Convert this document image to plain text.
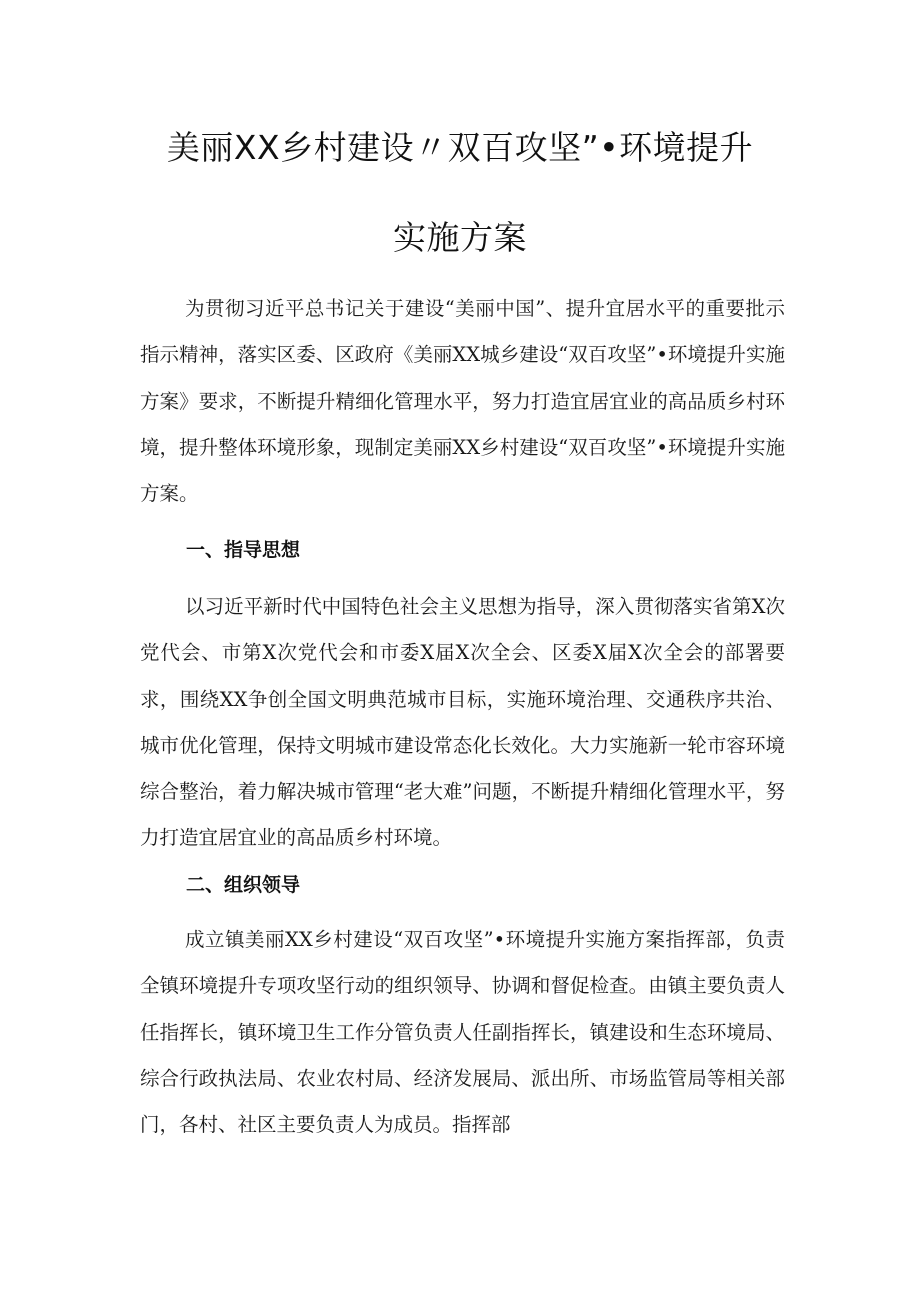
美丽XX乡村建设〃双百攻坚”•环境提升
实施方案

为贯彻习近平总书记关于建设“美丽中国”、提升宜居水平的重要批示指示精神，落实区委、区政府《美丽XX城乡建设“双百攻坚”•环境提升实施方案》要求，不断提升精细化管理水平，努力打造宜居宜业的高品质乡村环境，提升整体环境形象，现制定美丽XX乡村建设“双百攻坚”•环境提升实施方案。

一、指导思想

以习近平新时代中国特色社会主义思想为指导，深入贯彻落实省第X次党代会、市第X次党代会和市委X届X次全会、区委X届X次全会的部署要求，围绕XX争创全国文明典范城市目标，实施环境治理、交通秩序共治、城市优化管理，保持文明城市建设常态化长效化。大力实施新一轮市容环境综合整治，着力解决城市管理“老大难”问题，不断提升精细化管理水平，努力打造宜居宜业的高品质乡村环境。

二、组织领导

成立镇美丽XX乡村建设“双百攻坚”•环境提升实施方案指挥部，负责全镇环境提升专项攻坚行动的组织领导、协调和督促检查。由镇主要负责人任指挥长，镇环境卫生工作分管负责人任副指挥长，镇建设和生态环境局、综合行政执法局、农业农村局、经济发展局、派出所、市场监管局等相关部门，各村、社区主要负责人为成员。指挥部
